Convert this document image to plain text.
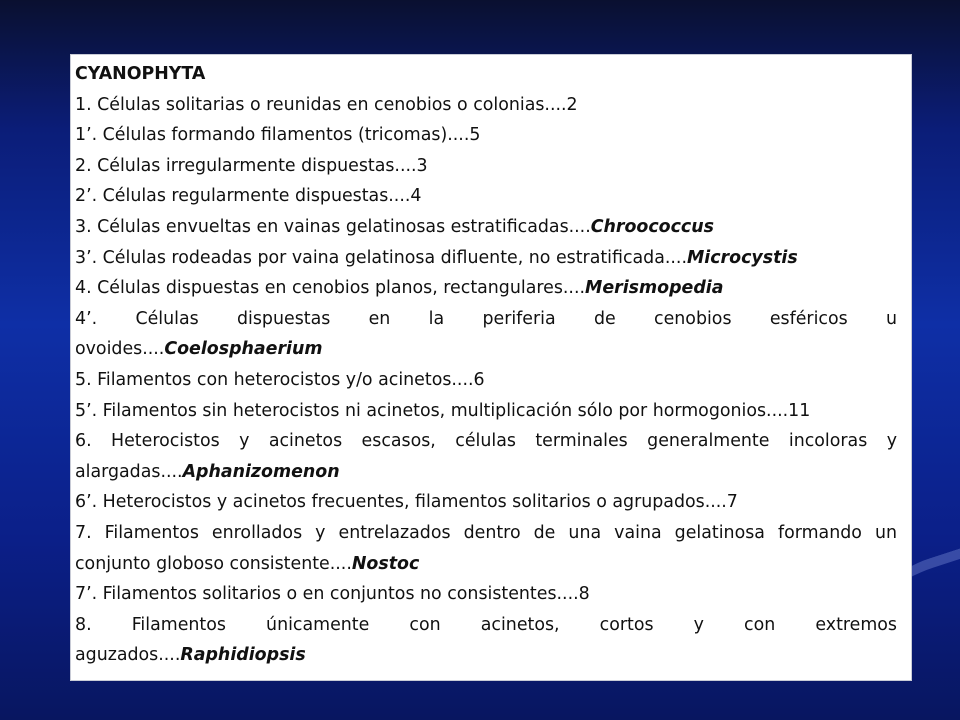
CYANOPHYTA

1. Células solitarias o reunidas en cenobios o colonias....2

1’. Células formando filamentos (tricomas)....5

2. Células irregularmente dispuestas....3

2’. Células regularmente dispuestas....4

3. Células envueltas en vainas gelatinosas estratificadas....Chroococcus

3’. Células rodeadas por vaina gelatinosa difluente, no estratificada....Microcystis

4. Células dispuestas en cenobios planos, rectangulares....Merismopedia

4’. Células dispuestas en la periferia de cenobios esféricos u

ovoides....Coelosphaerium

5. Filamentos con heterocistos y/o acinetos....6

5’. Filamentos sin heterocistos ni acinetos, multiplicación sólo por hormogonios....11

6. Heterocistos y acinetos escasos, células terminales generalmente incoloras y

alargadas....Aphanizomenon

6’. Heterocistos y acinetos frecuentes, filamentos solitarios o agrupados....7

7. Filamentos enrollados y entrelazados dentro de una vaina gelatinosa formando un

conjunto globoso consistente....Nostoc

7’. Filamentos solitarios o en conjuntos no consistentes....8

8. Filamentos únicamente con acinetos, cortos y con extremos

aguzados....Raphidiopsis
